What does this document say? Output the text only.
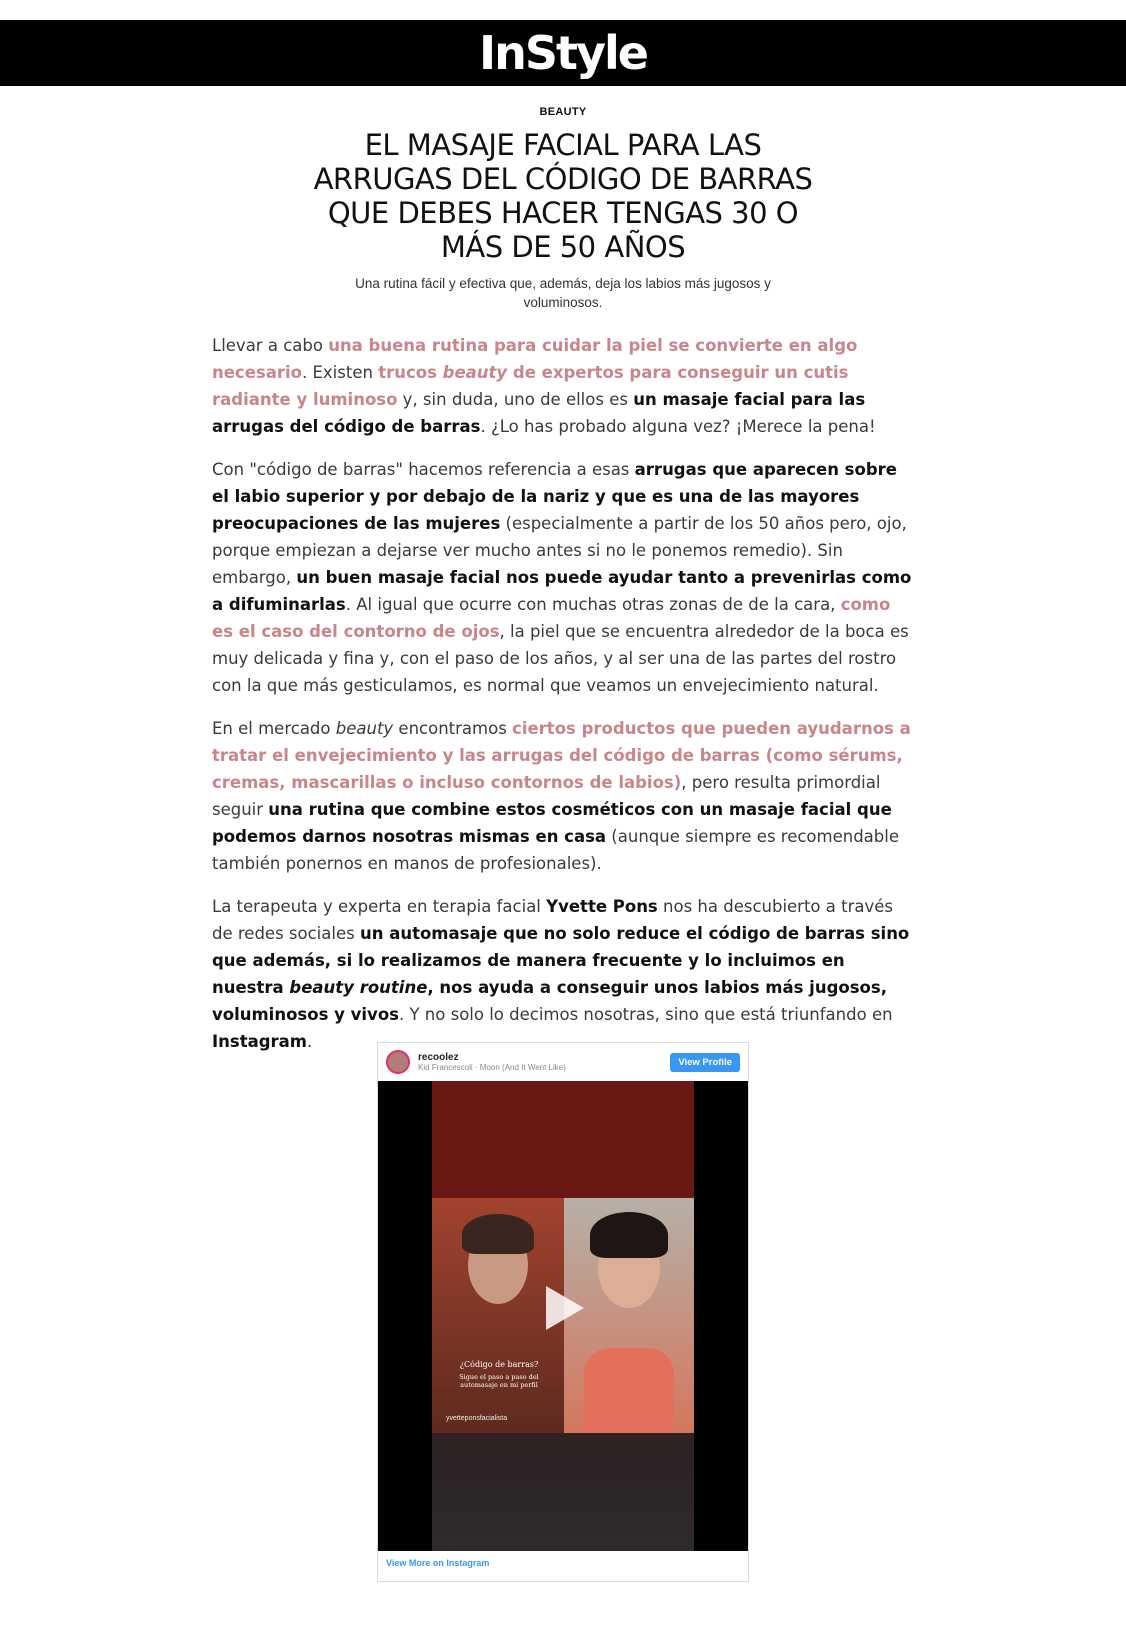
InStyle
BEAUTY
EL MASAJE FACIAL PARA LAS ARRUGAS DEL CÓDIGO DE BARRAS QUE DEBES HACER TENGAS 30 O MÁS DE 50 AÑOS
Una rutina fácil y efectiva que, además, deja los labios más jugosos y voluminosos.

Llevar a cabo una buena rutina para cuidar la piel se convierte en algo necesario. Existen trucos beauty de expertos para conseguir un cutis radiante y luminoso y, sin duda, uno de ellos es un masaje facial para las arrugas del código de barras. ¿Lo has probado alguna vez? ¡Merece la pena!

Con "código de barras" hacemos referencia a esas arrugas que aparecen sobre el labio superior y por debajo de la nariz y que es una de las mayores preocupaciones de las mujeres (especialmente a partir de los 50 años pero, ojo, porque empiezan a dejarse ver mucho antes si no le ponemos remedio). Sin embargo, un buen masaje facial nos puede ayudar tanto a prevenirlas como a difuminarlas. Al igual que ocurre con muchas otras zonas de de la cara, como es el caso del contorno de ojos, la piel que se encuentra alrededor de la boca es muy delicada y fina y, con el paso de los años, y al ser una de las partes del rostro con la que más gesticulamos, es normal que veamos un envejecimiento natural.

En el mercado beauty encontramos ciertos productos que pueden ayudarnos a tratar el envejecimiento y las arrugas del código de barras (como sérums, cremas, mascarillas o incluso contornos de labios), pero resulta primordial seguir una rutina que combine estos cosméticos con un masaje facial que podemos darnos nosotras mismas en casa (aunque siempre es recomendable también ponernos en manos de profesionales).

La terapeuta y experta en terapia facial Yvette Pons nos ha descubierto a través de redes sociales un automasaje que no solo reduce el código de barras sino que además, si lo realizamos de manera frecuente y lo incluimos en nuestra beauty routine, nos ayuda a conseguir unos labios más jugosos, voluminosos y vivos. Y no solo lo decimos nosotras, sino que está triunfando en Instagram.

recoolez
Kid Francescoli · Moon (And It Went Like)	View Profile
¿Código de barras?
Sigue el paso a paso del automasaje en mi perfil
yvetteponsfacialista
View More on Instagram
